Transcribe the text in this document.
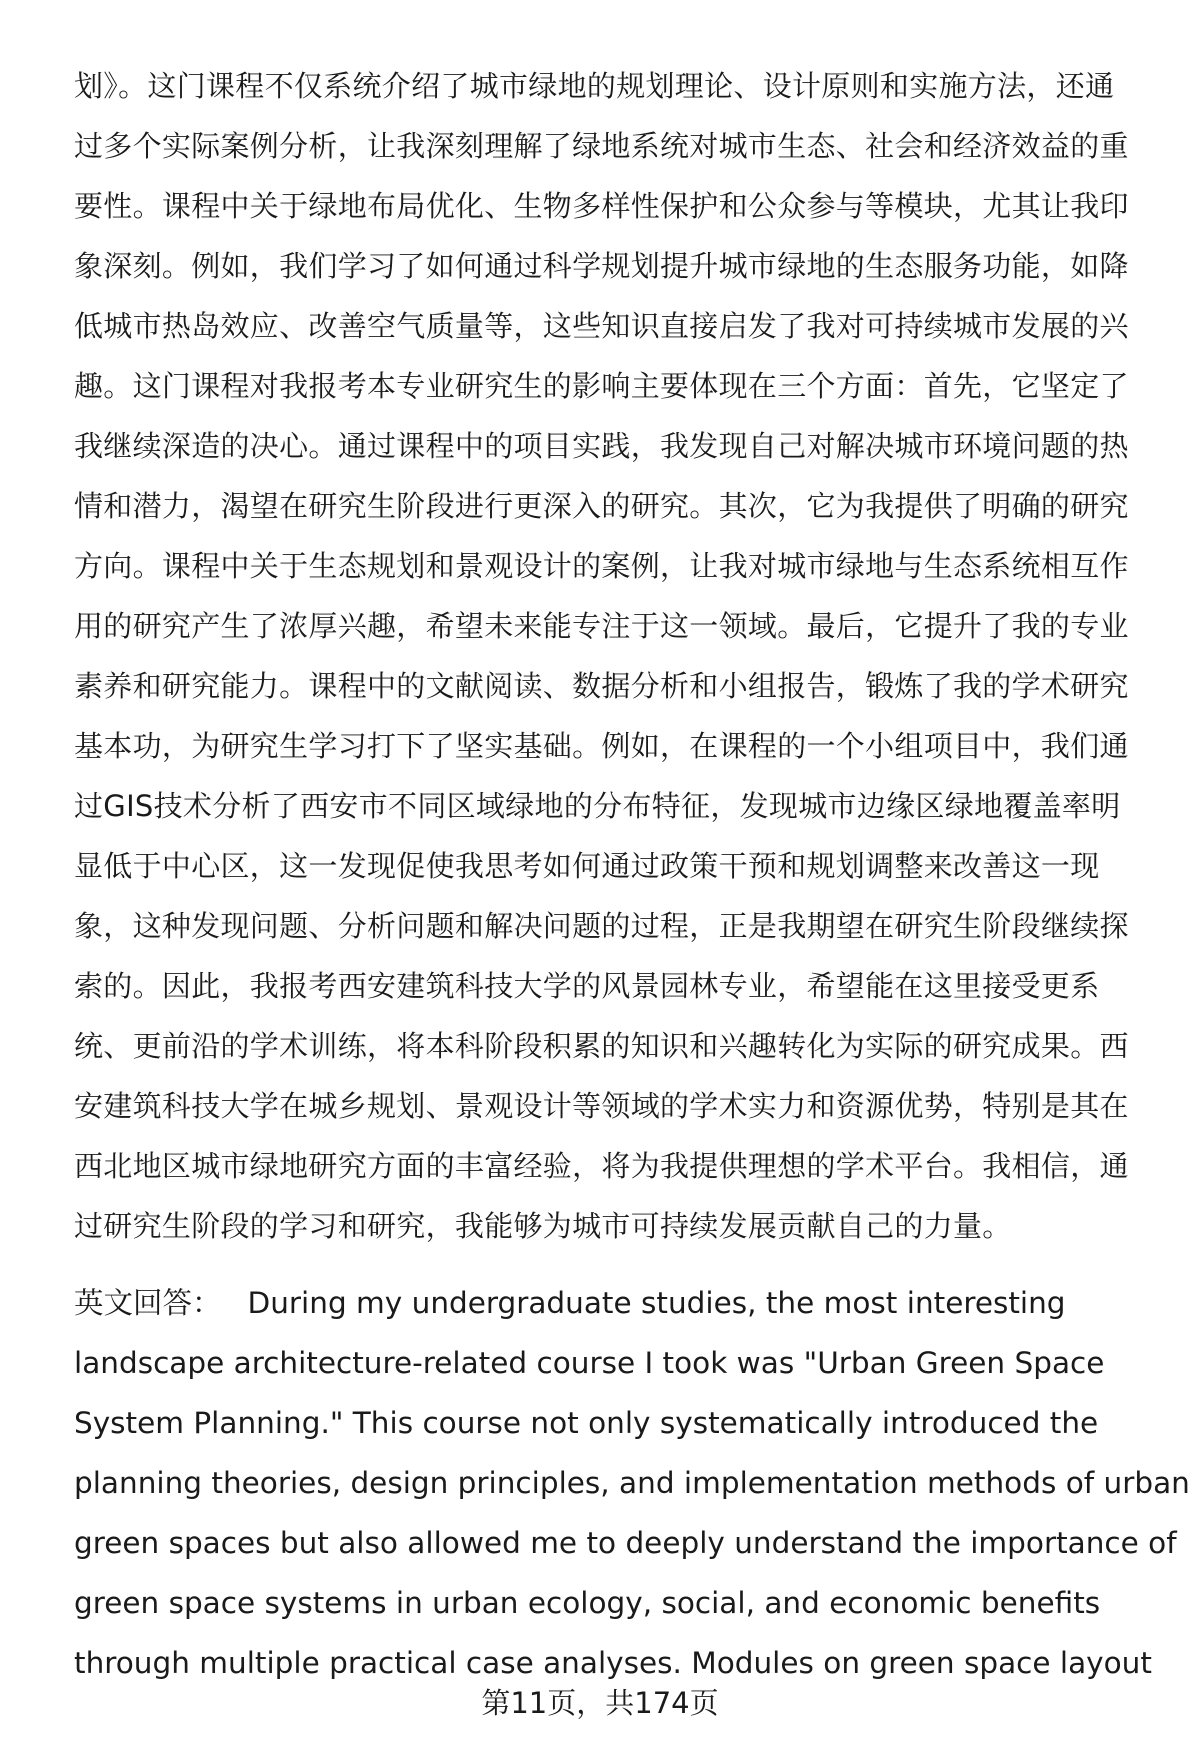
划》。这门课程不仅系统介绍了城市绿地的规划理论、设计原则和实施方法，还通
过多个实际案例分析，让我深刻理解了绿地系统对城市生态、社会和经济效益的重
要性。课程中关于绿地布局优化、生物多样性保护和公众参与等模块，尤其让我印
象深刻。例如，我们学习了如何通过科学规划提升城市绿地的生态服务功能，如降
低城市热岛效应、改善空气质量等，这些知识直接启发了我对可持续城市发展的兴
趣。这门课程对我报考本专业研究生的影响主要体现在三个方面：首先，它坚定了
我继续深造的决心。通过课程中的项目实践，我发现自己对解决城市环境问题的热
情和潜力，渴望在研究生阶段进行更深入的研究。其次，它为我提供了明确的研究
方向。课程中关于生态规划和景观设计的案例，让我对城市绿地与生态系统相互作
用的研究产生了浓厚兴趣，希望未来能专注于这一领域。最后，它提升了我的专业
素养和研究能力。课程中的文献阅读、数据分析和小组报告，锻炼了我的学术研究
基本功，为研究生学习打下了坚实基础。例如，在课程的一个小组项目中，我们通
过GIS技术分析了西安市不同区域绿地的分布特征，发现城市边缘区绿地覆盖率明
显低于中心区，这一发现促使我思考如何通过政策干预和规划调整来改善这一现
象，这种发现问题、分析问题和解决问题的过程，正是我期望在研究生阶段继续探
索的。因此，我报考西安建筑科技大学的风景园林专业，希望能在这里接受更系
统、更前沿的学术训练，将本科阶段积累的知识和兴趣转化为实际的研究成果。西
安建筑科技大学在城乡规划、景观设计等领域的学术实力和资源优势，特别是其在
西北地区城市绿地研究方面的丰富经验，将为我提供理想的学术平台。我相信，通
过研究生阶段的学习和研究，我能够为城市可持续发展贡献自己的力量。
英文回答： During my undergraduate studies, the most interesting
landscape architecture-related course I took was "Urban Green Space
System Planning." This course not only systematically introduced the
planning theories, design principles, and implementation methods of urban
green spaces but also allowed me to deeply understand the importance of
green space systems in urban ecology, social, and economic benefits
through multiple practical case analyses. Modules on green space layout
第11页，共174页
